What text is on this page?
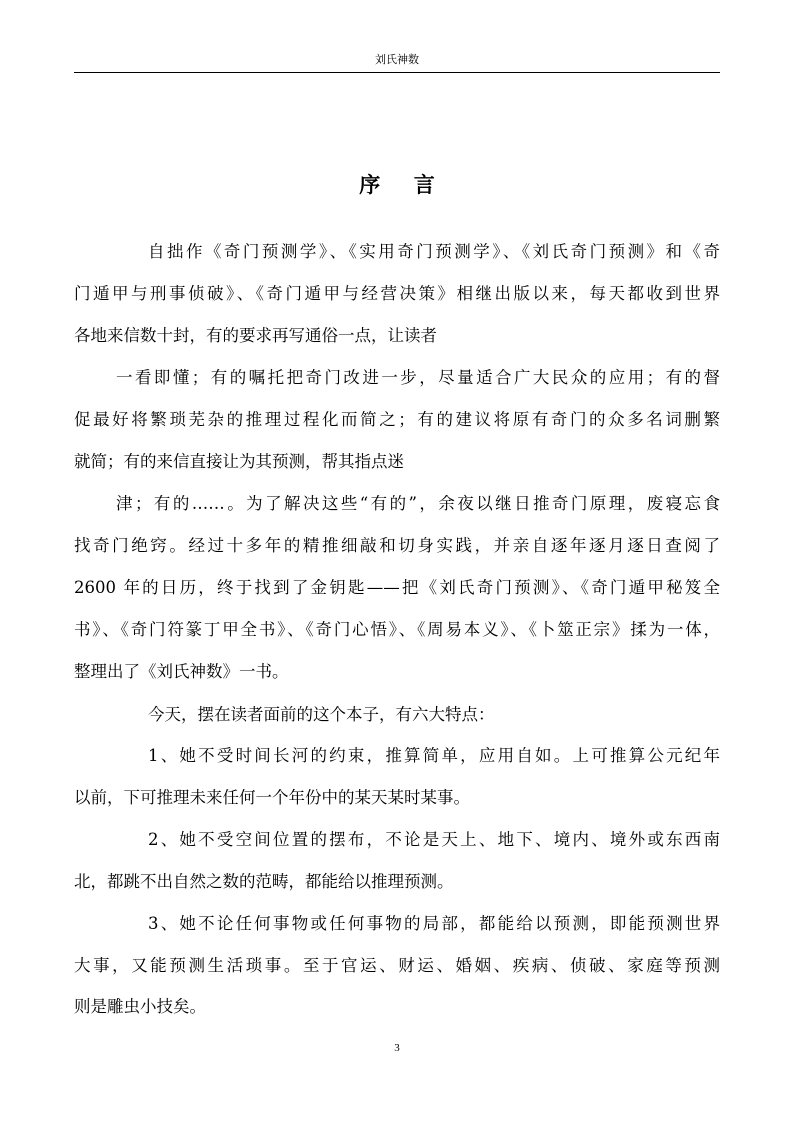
刘氏神数
序言
自拙作《奇门预测学》、《实用奇门预测学》、《刘氏奇门预测》和《奇
门遁甲与刑事侦破》、《奇门遁甲与经营决策》相继出版以来，每天都收到世界
各地来信数十封，有的要求再写通俗一点，让读者
一看即懂；有的嘱托把奇门改进一步，尽量适合广大民众的应用；有的督
促最好将繁琐芜杂的推理过程化而简之；有的建议将原有奇门的众多名词删繁
就简；有的来信直接让为其预测，帮其指点迷
津；有的……。为了解决这些“有的”，余夜以继日推奇门原理，废寝忘食
找奇门绝窍。经过十多年的精推细敲和切身实践，并亲自逐年逐月逐日查阅了
2600 年的日历，终于找到了金钥匙——把《刘氏奇门预测》、《奇门遁甲秘笈全
书》、《奇门符篆丁甲全书》、《奇门心悟》、《周易本义》、《卜筮正宗》揉为一体，
整理出了《刘氏神数》一书。
今天，摆在读者面前的这个本子，有六大特点：
1、她不受时间长河的约束，推算简单，应用自如。上可推算公元纪年
以前，下可推理未来任何一个年份中的某天某时某事。
2、她不受空间位置的摆布，不论是天上、地下、境内、境外或东西南
北，都跳不出自然之数的范畴，都能给以推理预测。
3、她不论任何事物或任何事物的局部，都能给以预测，即能预测世界
大事，又能预测生活琐事。至于官运、财运、婚姻、疾病、侦破、家庭等预测
则是雕虫小技矣。
3
